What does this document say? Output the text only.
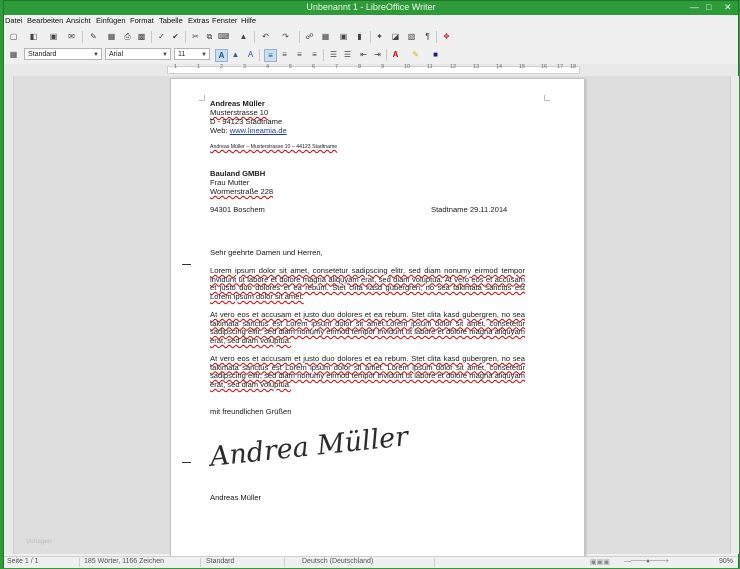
Unbenannt 1 - LibreOffice Writer	— □ ✕
Datei Bearbeiten Ansicht Einfügen Format Tabelle Extras Fenster Hilfe
▢ ◧ ▣ ✉ ✎ ▦ ⎙ ▩ ✓ ✔ ✂ ⧉ ⌨ ▲ ↶ ↷ ☍ ▦ ▣	▮	✦ ◪ ▧	¶	❖
▦	Standard	▼	Arial	▼	11	▼	A ▲	A	≡	≡	≡	≡	☰ ☰ ⇤ ⇥	A	✎	■
1	1	2	3	4	5	6	7	8	9	10	11	12	13	14	15	16 17 18
Andreas Müller
Musterstrasse 10
D - 94123 Stadtname
Web: www.lineamia.de
Andreas Müller – Musterstrasse 10 – 44123 Stadtname
Bauland GMBH
Frau Mutter
Wormerstraße 228
94301 Boschem	Stadtname 29.11.2014
Sehr geehrte Damen und Herren,
Lorem ipsum dolor sit amet, consetetur sadipscing elitr, sed diam nonumy eirmod tempor invidunt ut labore et dolore magna aliquyam erat, sed diam voluptua. At vero eos et accusam et justo duo dolores et ea rebum. Stet clita kasd gubergren, no sea takimata sanctus est Lorem ipsum dolor sit amet.
At vero eos et accusam et justo duo dolores et ea rebum. Stet clita kasd gubergren, no sea takimata sanctus est Lorem ipsum dolor sit amet.Lorem ipsum dolor sit amet, consetetur sadipscing elitr, sed diam nonumy eirmod tempor invidunt ut labore et dolore magna aliquyam erat, sed diam voluptua.
At vero eos et accusam et justo duo dolores et ea rebum. Stet clita kasd gubergren, no sea takimata sanctus est Lorem ipsum dolor sit amet. Lorem ipsum dolor sit amet, consetetur sadipscing elitr, sed diam nonumy eirmod tempor invidunt ut labore et dolore magna aliquyam erat, sed diam voluptua.
mit freundlichen Grüßen
Andrea Müller
Andreas Müller
Vorlagen
Seite 1 / 1	185 Wörter, 1166 Zeichen	Standard	Deutsch (Deutschland)	▣▣▣ —───●───+	90%
